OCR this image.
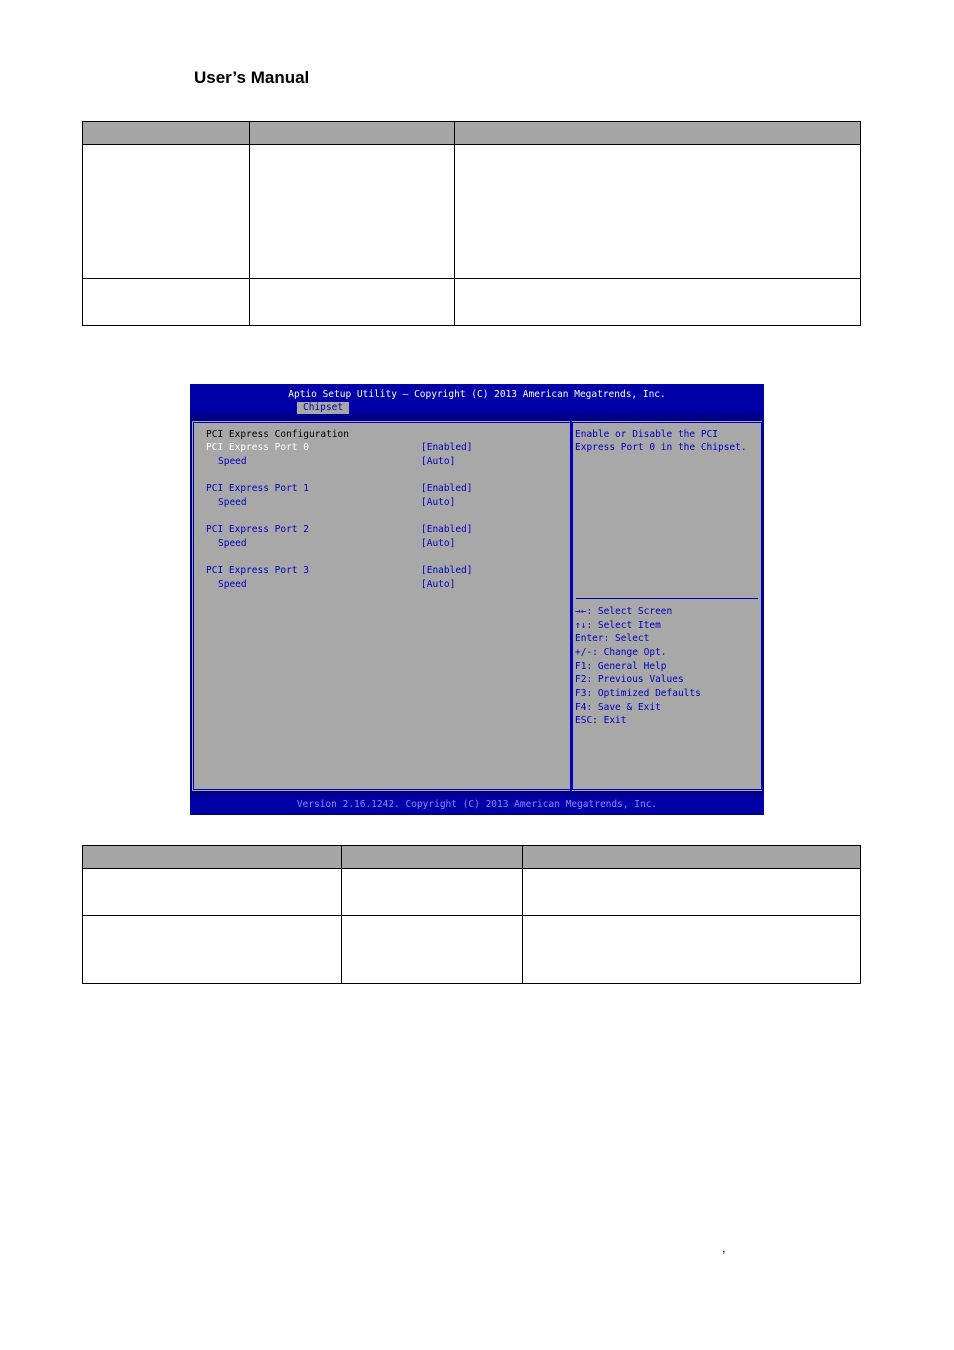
User’s Manual

Aptio Setup Utility – Copyright (C) 2013 American Megatrends, Inc.
Chipset
PCI Express Configuration
PCI Express Port 0	[Enabled]
Speed	[Auto]
PCI Express Port 1	[Enabled]
Speed	[Auto]
PCI Express Port 2	[Enabled]
Speed	[Auto]
PCI Express Port 3	[Enabled]
Speed	[Auto]
Enable or Disable the PCI
Express Port 0 in the Chipset.
→←: Select Screen
↑↓: Select Item
Enter: Select
+/-: Change Opt.
F1: General Help
F2: Previous Values
F3: Optimized Defaults
F4: Save & Exit
ESC: Exit
Version 2.16.1242. Copyright (C) 2013 American Megatrends, Inc.

,
